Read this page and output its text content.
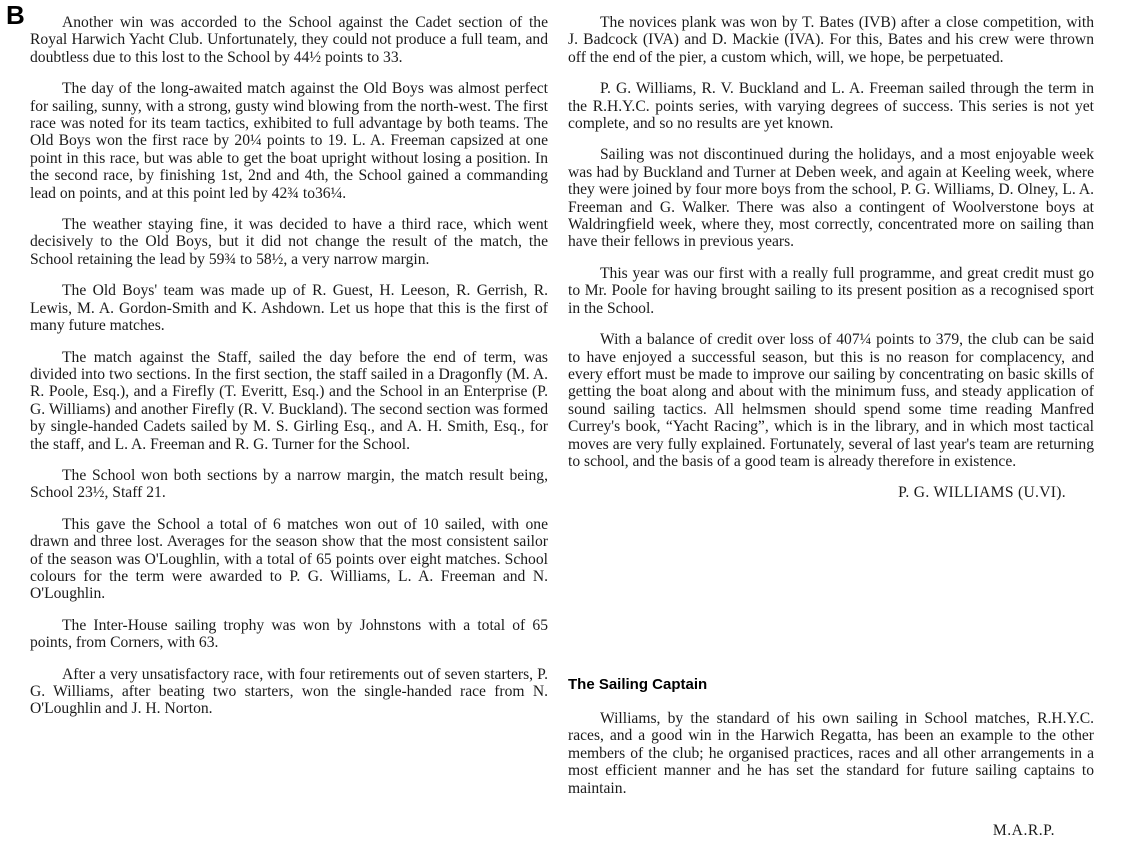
B	Another win was accorded to the School against the Cadet section of the Royal Harwich Yacht Club. Unfortunately, they could not produce a full team, and doubtless due to this lost to the School by 44½ points to 33.

The day of the long-awaited match against the Old Boys was almost perfect for sailing, sunny, with a strong, gusty wind blowing from the north-west. The first race was noted for its team tactics, exhibited to full advantage by both teams. The Old Boys won the first race by 20¼ points to 19. L. A. Freeman capsized at one point in this race, but was able to get the boat upright without losing a position. In the second race, by finishing 1st, 2nd and 4th, the School gained a commanding lead on points, and at this point led by 42¾ to36¼.

The weather staying fine, it was decided to have a third race, which went decisively to the Old Boys, but it did not change the result of the match, the School retaining the lead by 59¾ to 58½, a very narrow margin.

The Old Boys' team was made up of R. Guest, H. Leeson, R. Gerrish, R. Lewis, M. A. Gordon-Smith and K. Ashdown. Let us hope that this is the first of many future matches.

The match against the Staff, sailed the day before the end of term, was divided into two sections. In the first section, the staff sailed in a Dragonfly (M. A. R. Poole, Esq.), and a Firefly (T. Everitt, Esq.) and the School in an Enterprise (P. G. Williams) and another Firefly (R. V. Buckland). The second section was formed by single-handed Cadets sailed by M. S. Girling Esq., and A. H. Smith, Esq., for the staff, and L. A. Freeman and R. G. Turner for the School.

The School won both sections by a narrow margin, the match result being, School 23½, Staff 21.

This gave the School a total of 6 matches won out of 10 sailed, with one drawn and three lost. Averages for the season show that the most consistent sailor of the season was O'Loughlin, with a total of 65 points over eight matches. School colours for the term were awarded to P. G. Williams, L. A. Freeman and N. O'Loughlin.

The Inter-House sailing trophy was won by Johnstons with a total of 65 points, from Corners, with 63.

After a very unsatisfactory race, with four retirements out of seven starters, P. G. Williams, after beating two starters, won the single-handed race from N. O'Loughlin and J. H. Norton.

The novices plank was won by T. Bates (IVB) after a close competition, with J. Badcock (IVA) and D. Mackie (IVA). For this, Bates and his crew were thrown off the end of the pier, a custom which, will, we hope, be perpetuated.

P. G. Williams, R. V. Buckland and L. A. Freeman sailed through the term in the R.H.Y.C. points series, with varying degrees of success. This series is not yet complete, and so no results are yet known.

Sailing was not discontinued during the holidays, and a most enjoyable week was had by Buckland and Turner at Deben week, and again at Keeling week, where they were joined by four more boys from the school, P. G. Williams, D. Olney, L. A. Freeman and G. Walker. There was also a contingent of Woolverstone boys at Waldringfield week, where they, most correctly, concentrated more on sailing than have their fellows in previous years.

This year was our first with a really full programme, and great credit must go to Mr. Poole for having brought sailing to its present position as a recognised sport in the School.

With a balance of credit over loss of 407¼ points to 379, the club can be said to have enjoyed a successful season, but this is no reason for complacency, and every effort must be made to improve our sailing by concentrating on basic skills of getting the boat along and about with the minimum fuss, and steady application of sound sailing tactics. All helmsmen should spend some time reading Manfred Currey's book, “Yacht Racing”, which is in the library, and in which most tactical moves are very fully explained. Fortunately, several of last year's team are returning to school, and the basis of a good team is already therefore in existence.

P. G. WILLIAMS (U.VI).
The Sailing Captain

Williams, by the standard of his own sailing in School matches, R.H.Y.C. races, and a good win in the Harwich Regatta, has been an example to the other members of the club; he organised practices, races and all other arrangements in a most efficient manner and he has set the standard for future sailing captains to maintain.

M.A.R.P.
